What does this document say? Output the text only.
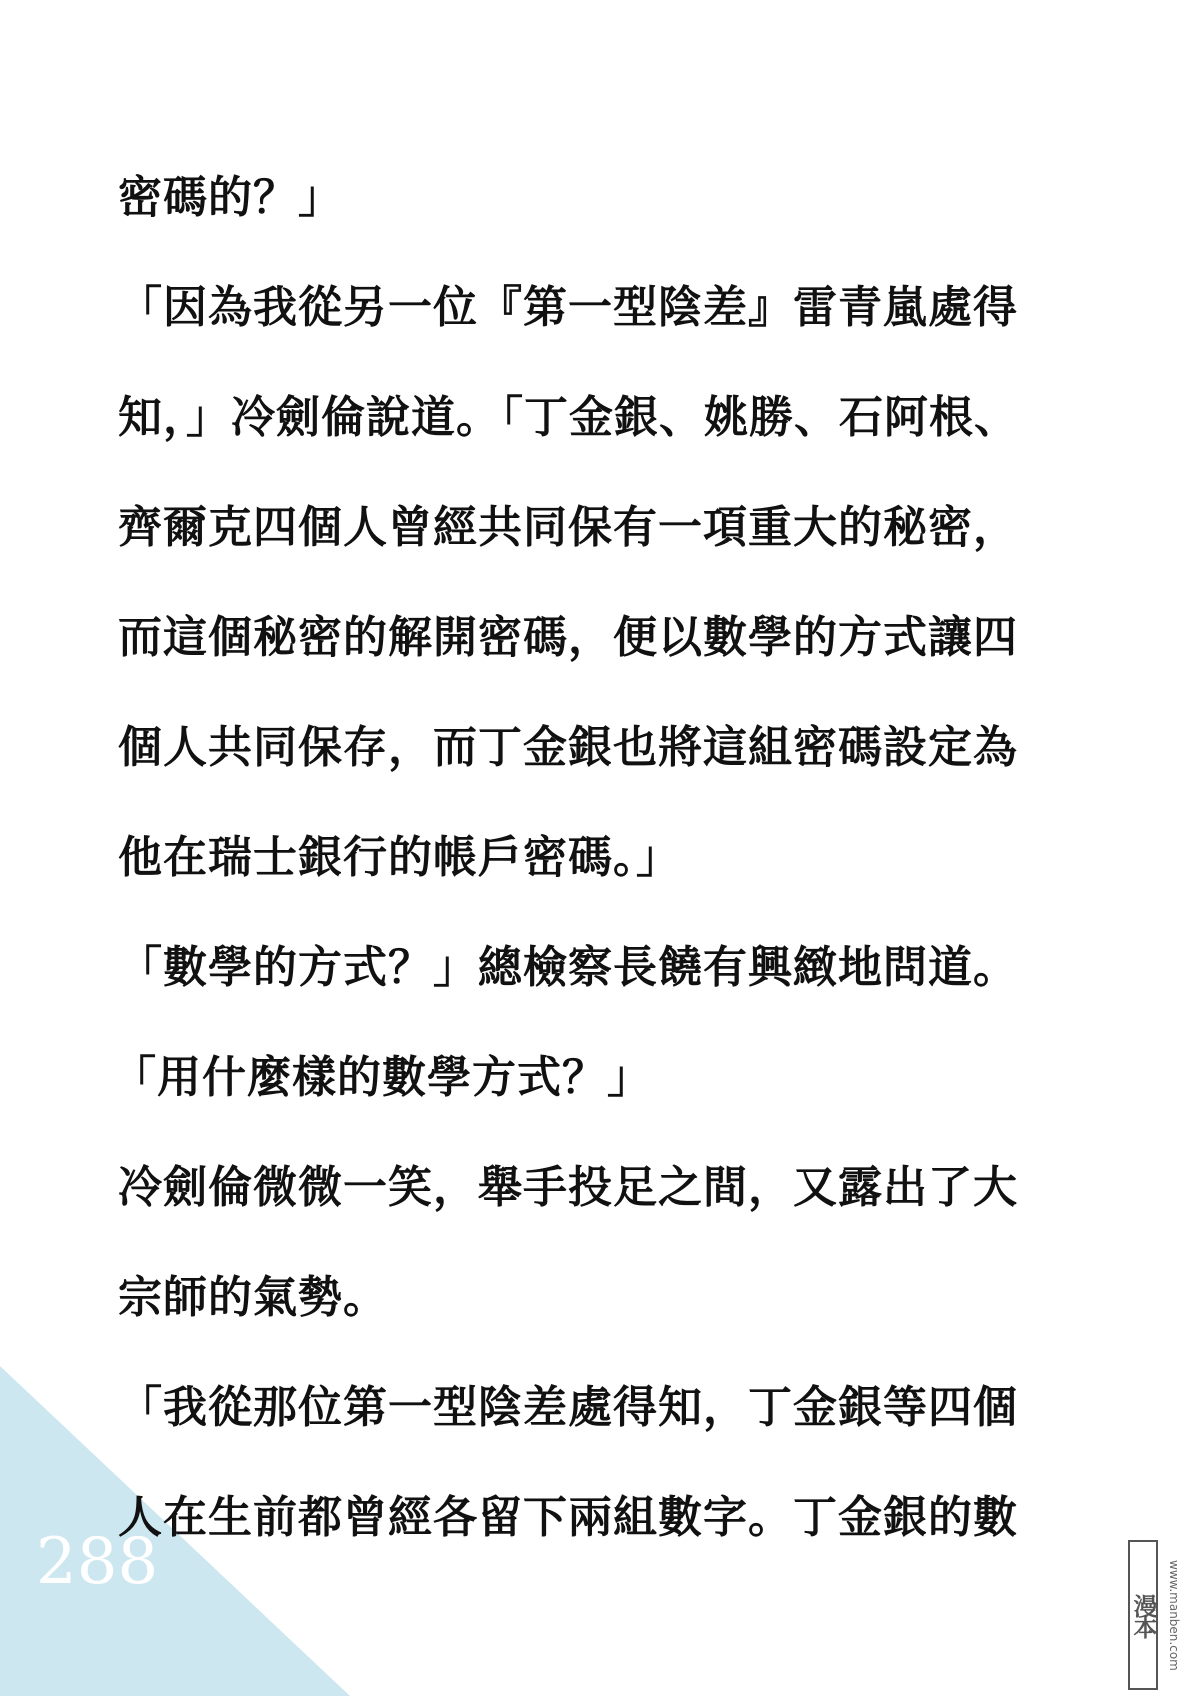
密碼的？」
「因為我從另一位『第一型陰差』雷青嵐處得
知，」冷劍倫說道。「丁金銀、姚勝、石阿根、
齊爾克四個人曾經共同保有一項重大的秘密，
而這個秘密的解開密碼，便以數學的方式讓四
個人共同保存，而丁金銀也將這組密碼設定為
他在瑞士銀行的帳戶密碼。」
「數學的方式？」總檢察長饒有興緻地問道。
「用什麼樣的數學方式？」
冷劍倫微微一笑，舉手投足之間，又露出了大
宗師的氣勢。
「我從那位第一型陰差處得知，丁金銀等四個
人在生前都曾經各留下兩組數字。丁金銀的數
288
漫本 www.manben.com
